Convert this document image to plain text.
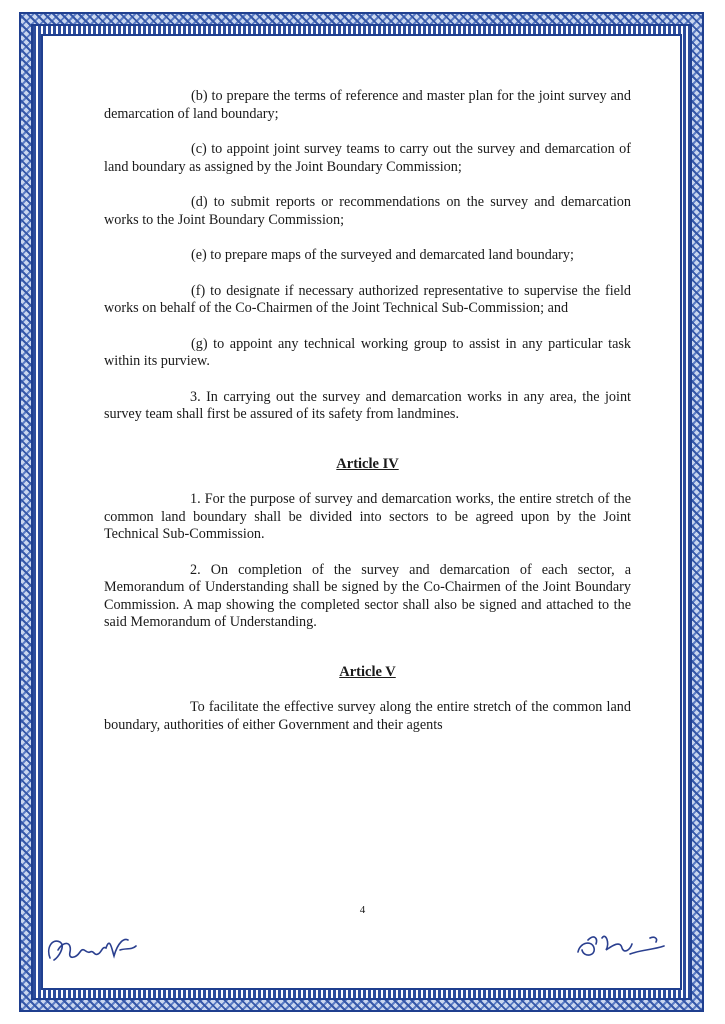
(b) to prepare the terms of reference and master plan for the joint survey and demarcation of land boundary;

(c) to appoint joint survey teams to carry out the survey and demarcation of land boundary as assigned by the Joint Boundary Commission;

(d) to submit reports or recommendations on the survey and demarcation works to the Joint Boundary Commission;

(e) to prepare maps of the surveyed and demarcated land boundary;

(f) to designate if necessary authorized representative to supervise the field works on behalf of the Co-Chairmen of the Joint Technical Sub-Commission; and

(g) to appoint any technical working group to assist in any particular task within its purview.

3. In carrying out the survey and demarcation works in any area, the joint survey team shall first be assured of its safety from landmines.

Article IV

1. For the purpose of survey and demarcation works, the entire stretch of the common land boundary shall be divided into sectors to be agreed upon by the Joint Technical Sub-Commission.

2. On completion of the survey and demarcation of each sector, a Memorandum of Understanding shall be signed by the Co-Chairmen of the Joint Boundary Commission. A map showing the completed sector shall also be signed and attached to the said Memorandum of Understanding.

Article V

To facilitate the effective survey along the entire stretch of the common land boundary, authorities of either Government and their agents

4
